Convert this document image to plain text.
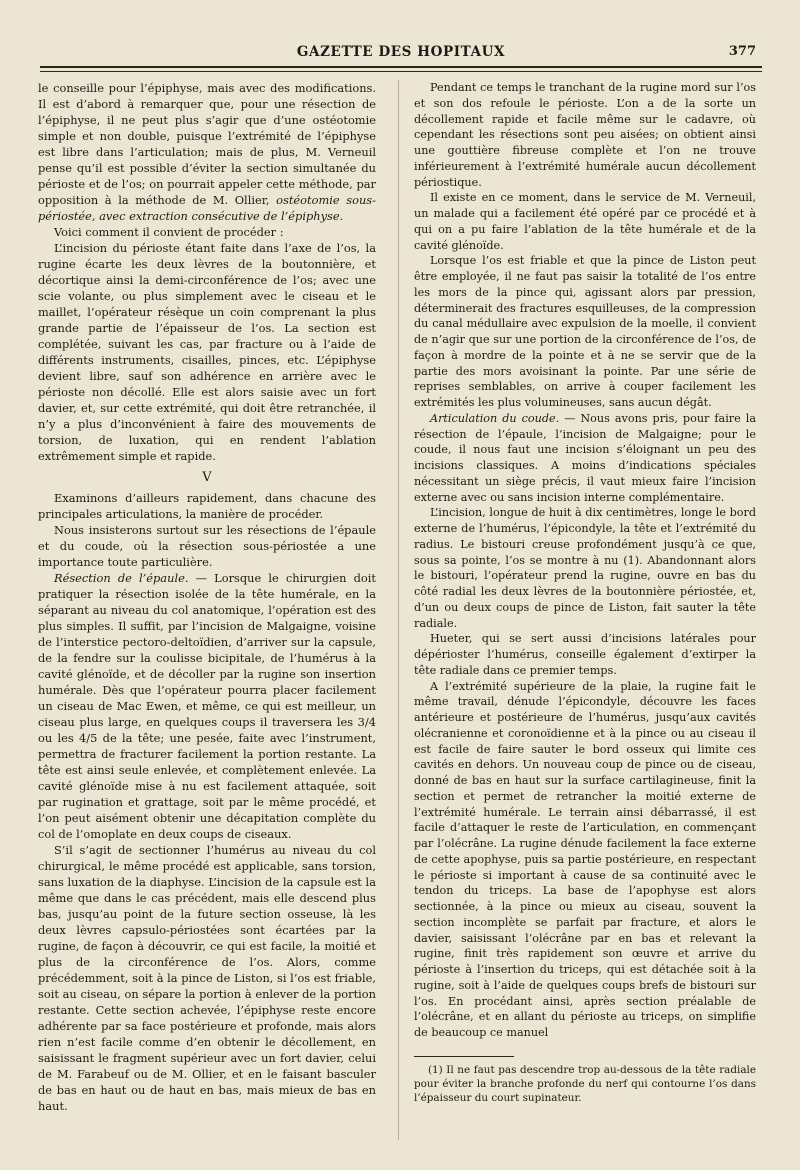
GAZETTE DES HOPITAUX	377

le conseille pour l’épiphyse, mais avec des modifications. Il est d’abord à remarquer que, pour une résection de l’épiphyse, il ne peut plus s’agir que d’une ostéotomie simple et non double, puisque l’extrémité de l’épiphyse est libre dans l’articulation; mais de plus, M. Verneuil pense qu’il est possible d’éviter la section simultanée du périoste et de l’os; on pourrait appeler cette méthode, par opposition à la méthode de M. Ollier, ostéotomie sous-périostée, avec extraction consécutive de l’épiphyse.

Voici comment il convient de procéder :

L’incision du périoste étant faite dans l’axe de l’os, la rugine écarte les deux lèvres de la boutonnière, et décortique ainsi la demi-circonférence de l’os; avec une scie volante, ou plus simplement avec le ciseau et le maillet, l’opérateur résèque un coin comprenant la plus grande partie de l’épaisseur de l’os. La section est complétée, suivant les cas, par fracture ou à l’aide de différents instruments, cisailles, pinces, etc. L’épiphyse devient libre, sauf son adhérence en arrière avec le périoste non décollé. Elle est alors saisie avec un fort davier, et, sur cette extrémité, qui doit être retranchée, il n’y a plus d’inconvénient à faire des mouvements de torsion, de luxation, qui en rendent l’ablation extrêmement simple et rapide.

V

Examinons d’ailleurs rapidement, dans chacune des principales articulations, la manière de procéder.

Nous insisterons surtout sur les résections de l’épaule et du coude, où la résection sous-périostée a une importance toute particulière.

Résection de l’épaule. — Lorsque le chirurgien doit pratiquer la résection isolée de la tête humérale, en la séparant au niveau du col anatomique, l’opération est des plus simples. Il suffit, par l’incision de Malgaigne, voisine de l’interstice pectoro-deltoïdien, d’arriver sur la capsule, de la fendre sur la coulisse bicipitale, de l’humérus à la cavité glénoïde, et de décoller par la rugine son insertion humérale. Dès que l’opérateur pourra placer facilement un ciseau de Mac Ewen, et même, ce qui est meilleur, un ciseau plus large, en quelques coups il traversera les 3/4 ou les 4/5 de la tête; une pesée, faite avec l’instrument, permettra de fracturer facilement la portion restante. La tête est ainsi seule enlevée, et complètement enlevée. La cavité glénoïde mise à nu est facilement attaquée, soit par rugination et grattage, soit par le même procédé, et l’on peut aisément obtenir une décapitation complète du col de l’omoplate en deux coups de ciseaux.

S’il s’agit de sectionner l’humérus au niveau du col chirurgical, le même procédé est applicable, sans torsion, sans luxation de la diaphyse. L’incision de la capsule est la même que dans le cas précédent, mais elle descend plus bas, jusqu’au point de la future section osseuse, là les deux lèvres capsulo-périostées sont écartées par la rugine, de façon à découvrir, ce qui est facile, la moitié et plus de la circonférence de l’os. Alors, comme précédemment, soit à la pince de Liston, si l’os est friable, soit au ciseau, on sépare la portion à enlever de la portion restante. Cette section achevée, l’épiphyse reste encore adhérente par sa face postérieure et profonde, mais alors rien n’est facile comme d’en obtenir le décollement, en saisissant le fragment supérieur avec un fort davier, celui de M. Farabeuf ou de M. Ollier, et en le faisant basculer de bas en haut ou de haut en bas, mais mieux de bas en haut.

Pendant ce temps le tranchant de la rugine mord sur l’os et son dos refoule le périoste. L’on a de la sorte un décollement rapide et facile même sur le cadavre, où cependant les résections sont peu aisées; on obtient ainsi une gouttière fibreuse complète et l’on ne trouve inférieurement à l’extrémité humérale aucun décollement périostique.

Il existe en ce moment, dans le service de M. Verneuil, un malade qui a facilement été opéré par ce procédé et à qui on a pu faire l’ablation de la tête humérale et de la cavité glénoïde.

Lorsque l’os est friable et que la pince de Liston peut être employée, il ne faut pas saisir la totalité de l’os entre les mors de la pince qui, agissant alors par pression, déterminerait des fractures esquilleuses, de la compression du canal médullaire avec expulsion de la moelle, il convient de n’agir que sur une portion de la circonférence de l’os, de façon à mordre de la pointe et à ne se servir que de la partie des mors avoisinant la pointe. Par une série de reprises semblables, on arrive à couper facilement les extrémités les plus volumineuses, sans aucun dégât.

Articulation du coude. — Nous avons pris, pour faire la résection de l’épaule, l’incision de Malgaigne; pour le coude, il nous faut une incision s’éloignant un peu des incisions classiques. A moins d’indications spéciales nécessitant un siège précis, il vaut mieux faire l’incision externe avec ou sans incision interne complémentaire.

L’incision, longue de huit à dix centimètres, longe le bord externe de l’humérus, l’épicondyle, la tête et l’extrémité du radius. Le bistouri creuse profondément jusqu’à ce que, sous sa pointe, l’os se montre à nu (1). Abandonnant alors le bistouri, l’opérateur prend la rugine, ouvre en bas du côté radial les deux lèvres de la boutonnière périostée, et, d’un ou deux coups de pince de Liston, fait sauter la tête radiale.

Hueter, qui se sert aussi d’incisions latérales pour dépérioster l’humérus, conseille également d’extirper la tête radiale dans ce premier temps.

A l’extrémité supérieure de la plaie, la rugine fait le même travail, dénude l’épicondyle, découvre les faces antérieure et postérieure de l’humérus, jusqu’aux cavités olécranienne et coronoïdienne et à la pince ou au ciseau il est facile de faire sauter le bord osseux qui limite ces cavités en dehors. Un nouveau coup de pince ou de ciseau, donné de bas en haut sur la surface cartilagineuse, finit la section et permet de retrancher la moitié externe de l’extrémité humérale. Le terrain ainsi débarrassé, il est facile d’attaquer le reste de l’articulation, en commençant par l’olécrâne. La rugine dénude facilement la face externe de cette apophyse, puis sa partie postérieure, en respectant le périoste si important à cause de sa continuité avec le tendon du triceps. La base de l’apophyse est alors sectionnée, à la pince ou mieux au ciseau, souvent la section incomplète se parfait par fracture, et alors le davier, saisissant l’olécrâne par en bas et relevant la rugine, finit très rapidement son œuvre et arrive du périoste à l’insertion du triceps, qui est détachée soit à la rugine, soit à l’aide de quelques coups brefs de bistouri sur l’os. En procédant ainsi, après section préalable de l’olécrâne, et en allant du périoste au triceps, on simplifie de beaucoup ce manuel

(1) Il ne faut pas descendre trop au-dessous de la tête radiale pour éviter la branche profonde du nerf qui contourne l’os dans l’épaisseur du court supinateur.
